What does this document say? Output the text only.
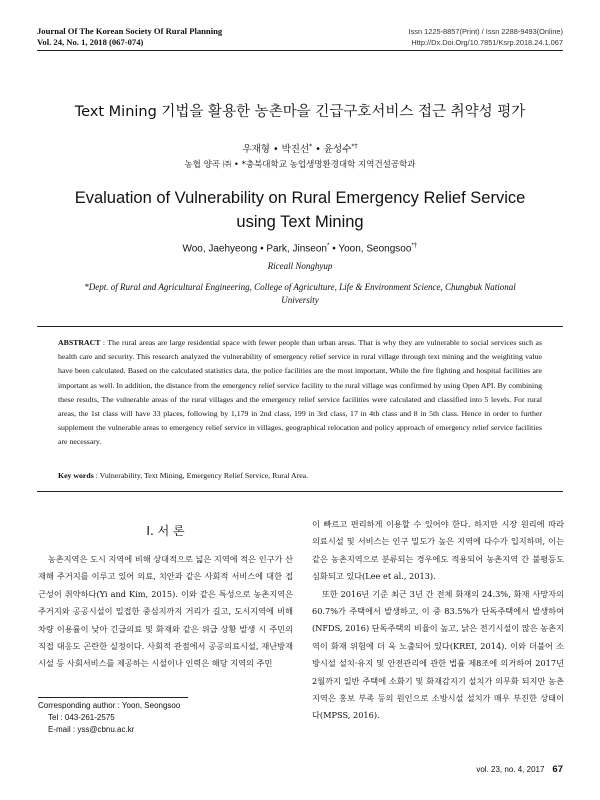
Journal Of The Korean Society Of Rural Planning
Vol. 24, No. 1, 2018 (067-074)
Issn 1225-8857(Print) / Issn 2288-9493(Online)
Http://Dx.Doi.Org/10.7851/Ksrp.2018.24.1.067
Text Mining 기법을 활용한 농촌마을 긴급구호서비스 접근 취약성 평가
우재형 • 박진선* • 윤성수*†
농협 양곡 ㈜ • *충북대학교 농업생명환경대학 지역건설공학과
Evaluation of Vulnerability on Rural Emergency Relief Service using Text Mining
Woo, Jaehyeong • Park, Jinseon* • Yoon, Seongsoo*†
Riceall Nonghyup
*Dept. of Rural and Agricultural Engineering, College of Agriculture, Life & Environment Science, Chungbuk National University
ABSTRACT : The rural areas are large residential space with fewer people than urban areas. That is why they are vulnerable to social services such as health care and security. This research analyzed the vulnerability of emergency relief service in rural village through text mining and the weighting value have been calculated. Based on the calculated statistics data, the police facilities are the most important, While the fire fighting and hospital facilities are important as well. In addition, the distance from the emergency relief service facility to the rural village was confirmed by using Open API. By combining these results, The vulnerable areas of the rural villages and the emergency relief service facilities were calculated and classified into 5 levels. For rural areas, the 1st class will have 33 places, following by 1,179 in 2nd class, 199 in 3rd class, 17 in 4th class and 8 in 5th class. Hence in order to further supplement the vulnerable areas to emergency relief service in villages, geographical relocation and policy approach of emergency relief service facilities are necessary.
Key words : Vulnerability, Text Mining, Emergency Relief Service, Rural Area.
I. 서 론

농촌지역은 도시 지역에 비해 상대적으로 넓은 지역에 적은 인구가 산재해 주거지를 이루고 있어 의료, 치안과 같은 사회적 서비스에 대한 접근성이 취약하다(Yi and Kim, 2015). 이와 같은 특성으로 농촌지역은 주거지와 공공시설이 밀접한 중심지까지 거리가 길고, 도시지역에 비해 차량 이용률이 낮아 긴급의료 및 화재와 같은 위급 상황 발생 시 주민의 직접 대응도 곤란한 실정이다. 사회적 관점에서 공공의료시설, 재난방재시설 등 사회서비스를 제공하는 시설이나 인력은 해당 지역의 주민

이 빠르고 편리하게 이용할 수 있어야 한다. 하지만 시장 원리에 따라 의료시설 및 서비스는 인구 밀도가 높은 지역에 다수가 입지하며, 이는 같은 농촌지역으로 분류되는 경우에도 적용되어 농촌지역 간 불평등도 심화되고 있다(Lee et al., 2013).

또한 2016년 기준 최근 3년 간 전체 화재의 24.3%, 화재 사망자의 60.7%가 주택에서 발생하고, 이 중 83.5%가 단독주택에서 발생하여(NFDS, 2016) 단독주택의 비율이 높고, 낡은 전기시설이 많은 농촌지역이 화재 위험에 더 욱 노출되어 있다(KREI, 2014). 이와 더불어 소방시설 설치·유지 및 안전관리에 관한 법률 제8조에 의거하여 2017년 2월까지 일반 주택에 소화기 및 화재감지기 설치가 의무화 되지만 농촌 지역은 홍보 부족 등의 원인으로 소방시설 설치가 매우 부진한 상태이다(MPSS, 2016).

Corresponding author : Yoon, Seongsoo
Tel : 043-261-2575
E-mail : yss@cbnu.ac.kr
vol. 23, no. 4, 2017 67
